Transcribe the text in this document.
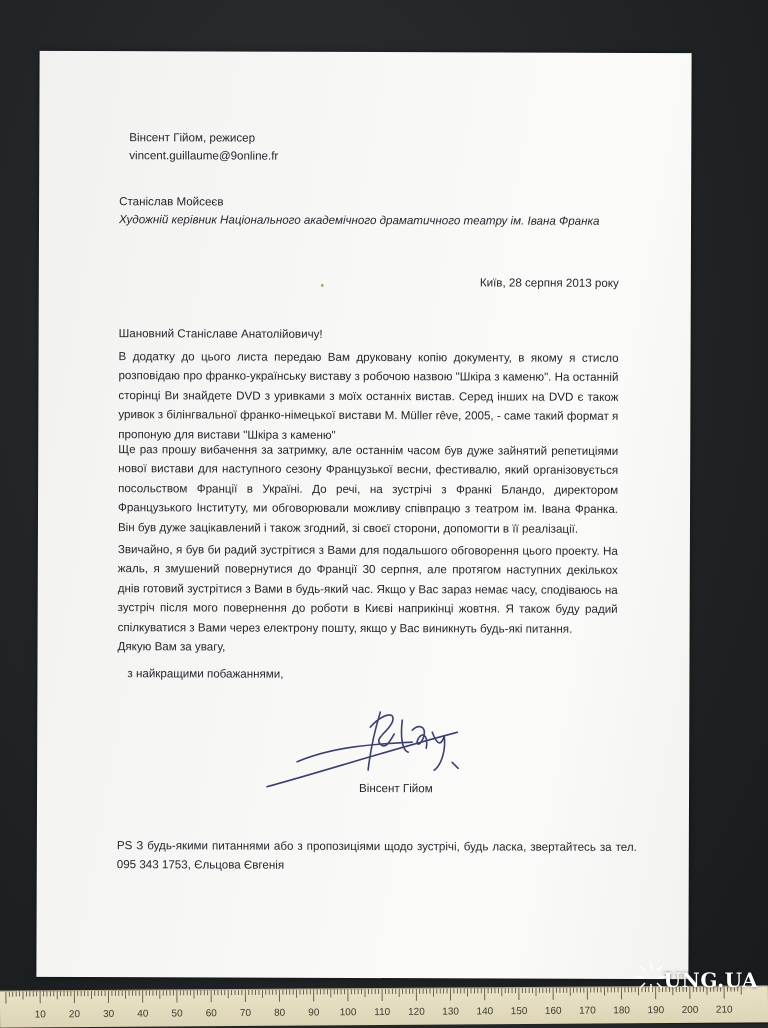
Вінсент Гійом, режисер
vincent.guillaume@9online.fr
Станіслав Мойсеєв
Художній керівник Національного академічного драматичного театру ім. Івана Франка
Київ, 28 серпня 2013 року
Шановний Станіславе Анатолійовичу!
В додатку до цього листа передаю Вам друковану копію документу, в якому я стисло розповідаю про франко-українську виставу з робочою назвою "Шкіра з каменю". На останній сторінці Ви знайдете DVD з уривками з моїх останніх вистав. Серед інших на DVD є також уривок з білінгвальної франко-німецької вистави M. Müller rêve, 2005, - саме такий формат я пропоную для вистави "Шкіра з каменю"
Ще раз прошу вибачення за затримку, але останнім часом був дуже зайнятий репетиціями нової вистави для наступного сезону Французької весни, фестивалю, який організовується посольством Франції в Україні. До речі, на зустрічі з Франкі Бландо, директором Французького Інституту, ми обговорювали можливу співпрацю з театром ім. Івана Франка. Він був дуже зацікавлений і також згодний, зі своєї сторони, допомогти в її реалізації.
Звичайно, я був би радий зустрітися з Вами для подальшого обговорення цього проекту. На жаль, я змушений повернутися до Франції 30 серпня, але протягом наступних декількох днів готовий зустрітися з Вами в будь-який час. Якщо у Вас зараз немає часу, сподіваюсь на зустріч після мого повернення до роботи в Києві наприкінці жовтня. Я також буду радий спілкуватися з Вами через електрону пошту, якщо у Вас виникнуть будь-які питання.
Дякую Вам за увагу,
з найкращими побажаннями,
Вінсент Гійом
PS З будь-якими питаннями або з пропозиціями щодо зустрічі, будь ласка, звертайтесь за тел. 095 343 1753, Єльцова Євгенія
10 20 30 40 50 60 70 80 90 100 110 120 130 140 150 160 170 180 190 200 210
UNG.UA
